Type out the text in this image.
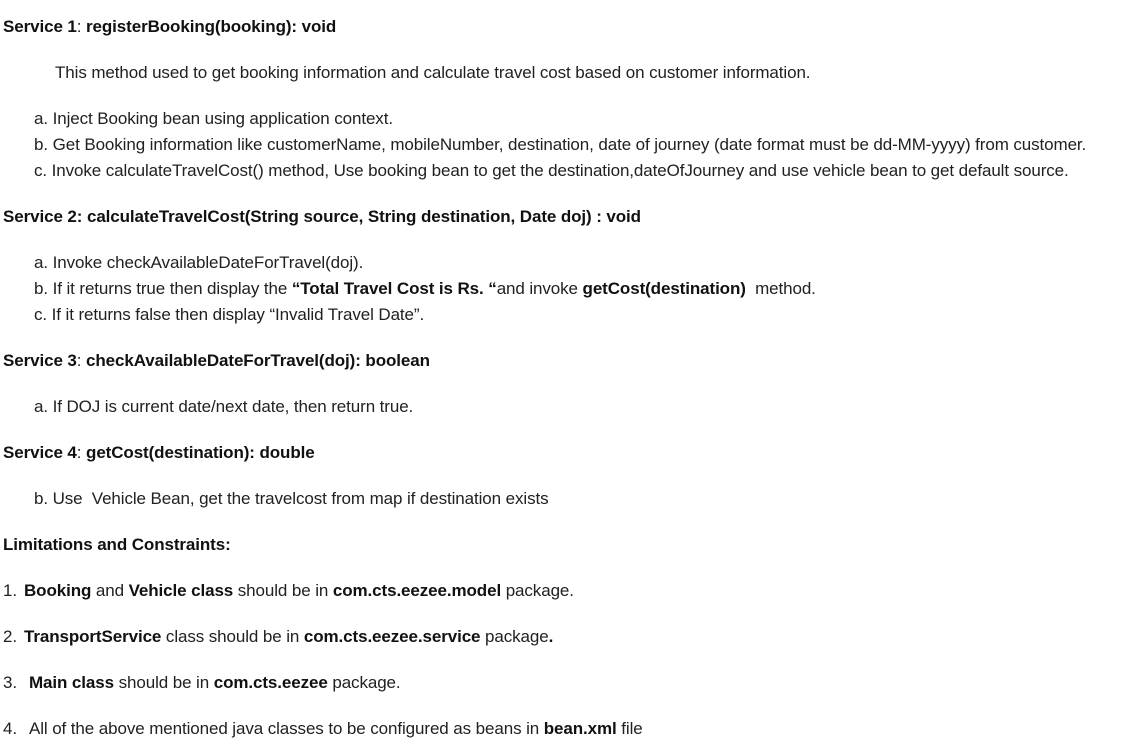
Service 1: registerBooking(booking): void
This method used to get booking information and calculate travel cost based on customer information.
a. Inject Booking bean using application context.
b. Get Booking information like customerName, mobileNumber, destination, date of journey (date format must be dd-MM-yyyy) from customer.
c. Invoke calculateTravelCost() method, Use booking bean to get the destination,dateOfJourney and use vehicle bean to get default source.
Service 2: calculateTravelCost(String source, String destination, Date doj) : void
a. Invoke checkAvailableDateForTravel(doj).
b. If it returns true then display the “Total Travel Cost is Rs. “and invoke getCost(destination)  method.
c. If it returns false then display “Invalid Travel Date”.
Service 3: checkAvailableDateForTravel(doj): boolean
a. If DOJ is current date/next date, then return true.
Service 4: getCost(destination): double
b. Use  Vehicle Bean, get the travelcost from map if destination exists
Limitations and Constraints:
1. Booking and Vehicle class should be in com.cts.eezee.model package.
2. TransportService class should be in com.cts.eezee.service package.
3. Main class should be in com.cts.eezee package.
4. All of the above mentioned java classes to be configured as beans in bean.xml file
